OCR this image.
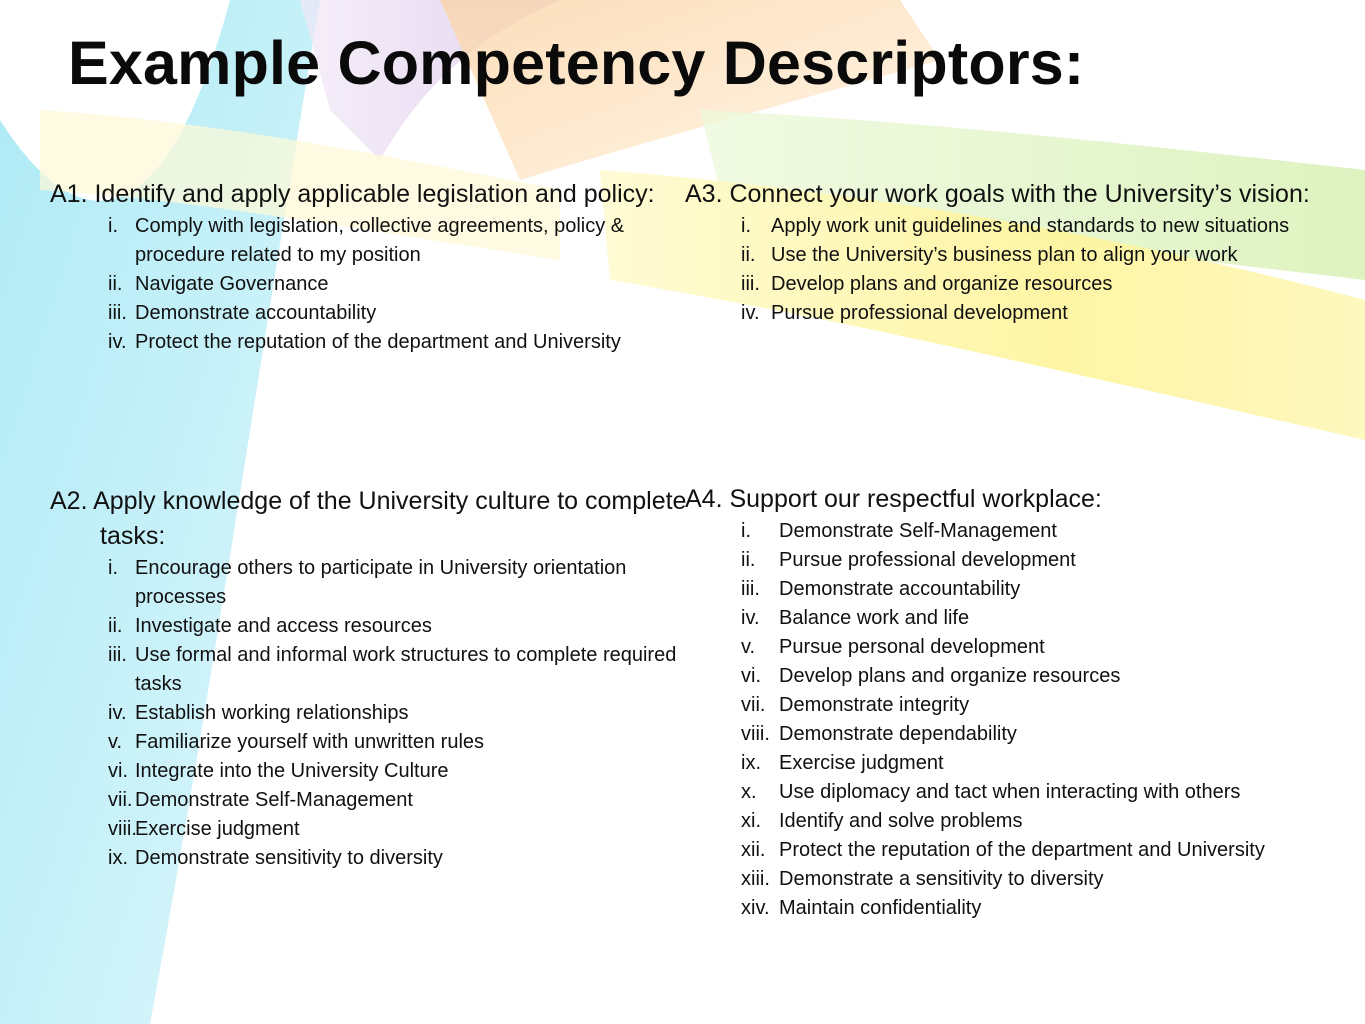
Example Competency Descriptors:

A1. Identify and apply applicable legislation and policy:

i. Comply with legislation, collective agreements, policy & procedure related to my position
ii. Navigate Governance
iii. Demonstrate accountability
iv. Protect the reputation of the department and University

A2. Apply knowledge of the University culture to complete tasks:

i. Encourage others to participate in University orientation processes
ii. Investigate and access resources
iii. Use formal and informal work structures to complete required tasks
iv. Establish working relationships
v. Familiarize yourself with unwritten rules
vi. Integrate into the University Culture
vii. Demonstrate Self-Management
viii.
Exercise judgment
ix. Demonstrate sensitivity to diversity

A3. Connect your work goals with the University’s vision:

i. Apply work unit guidelines and standards to new situations
ii. Use the University’s business plan to align your work
iii. Develop plans and organize resources
iv. Pursue professional development

A4. Support our respectful workplace:

i. Demonstrate Self-Management
ii. Pursue professional development
iii. Demonstrate accountability
iv. Balance work and life
v. Pursue personal development
vi. Develop plans and organize resources
vii. Demonstrate integrity
viii. Demonstrate dependability
ix. Exercise judgment
x. Use diplomacy and tact when interacting with others
xi. Identify and solve problems
xii. Protect the reputation of the department and University
xiii. Demonstrate a sensitivity to diversity
xiv. Maintain confidentiality
